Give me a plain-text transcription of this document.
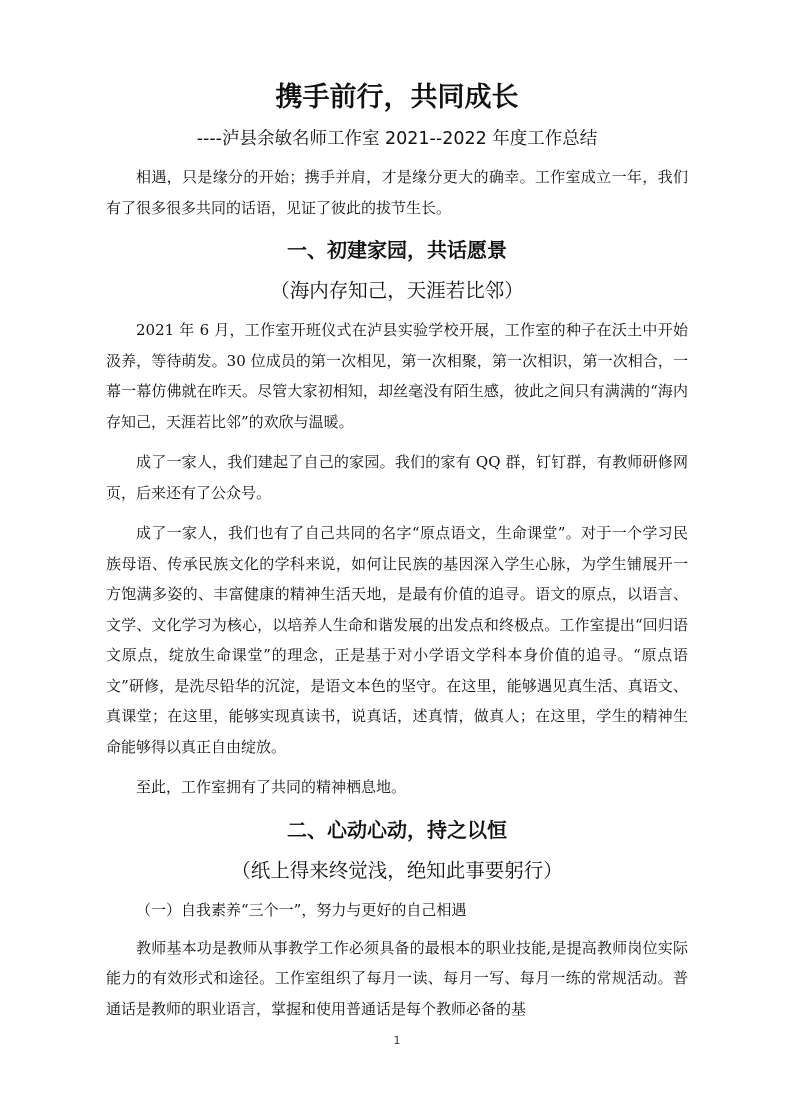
携手前行，共同成长
----泸县余敏名师工作室 2021--2022 年度工作总结

相遇，只是缘分的开始；携手并肩，才是缘分更大的确幸。工作室成立一年，我们有了很多很多共同的话语，见证了彼此的拔节生长。

一、初建家园，共话愿景
（海内存知己，天涯若比邻）

2021 年 6 月，工作室开班仪式在泸县实验学校开展，工作室的种子在沃土中开始汲养，等待萌发。30 位成员的第一次相见，第一次相聚，第一次相识，第一次相合，一幕一幕仿佛就在昨天。尽管大家初相知，却丝毫没有陌生感，彼此之间只有满满的“海内存知己，天涯若比邻”的欢欣与温暖。

成了一家人，我们建起了自己的家园。我们的家有 QQ 群，钉钉群，有教师研修网页，后来还有了公众号。

成了一家人，我们也有了自己共同的名字“原点语文，生命课堂”。对于一个学习民族母语、传承民族文化的学科来说，如何让民族的基因深入学生心脉，为学生铺展开一方饱满多姿的、丰富健康的精神生活天地，是最有价值的追寻。语文的原点，以语言、文学、文化学习为核心，以培养人生命和谐发展的出发点和终极点。工作室提出“回归语文原点，绽放生命课堂”的理念，正是基于对小学语文学科本身价值的追寻。“原点语文”研修，是洗尽铅华的沉淀，是语文本色的坚守。在这里，能够遇见真生活、真语文、真课堂；在这里，能够实现真读书，说真话，述真情，做真人；在这里，学生的精神生命能够得以真正自由绽放。

至此，工作室拥有了共同的精神栖息地。

二、心动心动，持之以恒
（纸上得来终觉浅，绝知此事要躬行）
（一）自我素养“三个一”，努力与更好的自己相遇

教师基本功是教师从事教学工作必须具备的最根本的职业技能,是提高教师岗位实际能力的有效形式和途径。工作室组织了每月一读、每月一写、每月一练的常规活动。普通话是教师的职业语言，掌握和使用普通话是每个教师必备的基

1
